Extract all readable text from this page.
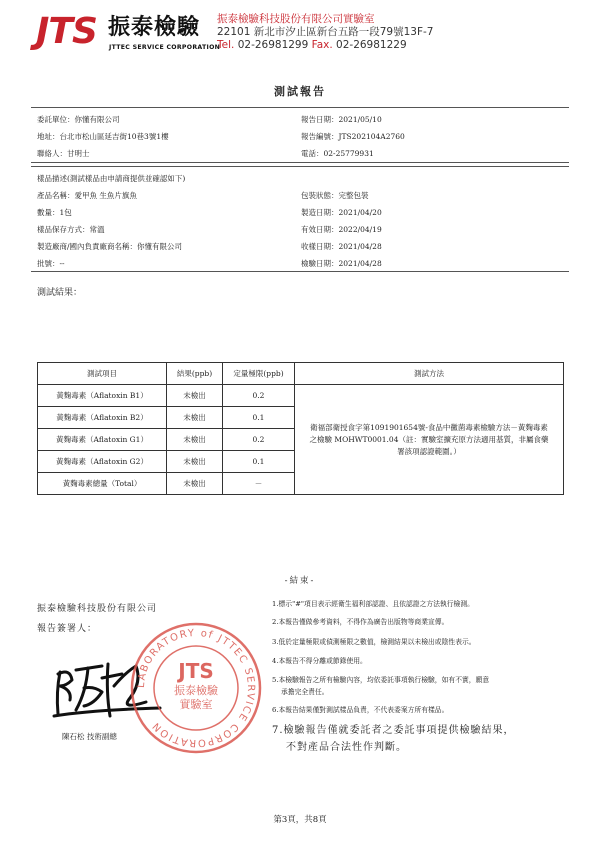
JTS 振泰檢驗
JTTEC SERVICE CORPORATION
振泰檢驗科技股份有限公司實驗室
22101 新北市汐止區新台五路一段79號13F-7
Tel. 02-26981299 Fax. 02-26981229
測試報告
委託單位：你懂有限公司	報告日期：2021/05/10
地址：台北市松山區延吉街10巷3號1樓	報告編號：JTS202104A2760
聯絡人：甘明士	電話：02-25779931
樣品描述(測試樣品由申請商提供並確認如下)
產品名稱：愛甲魚 生魚片旗魚	包裝狀態：完整包裝
數量：1包	製造日期：2021/04/20
樣品保存方式：常溫	有效日期：2022/04/19
製造廠商/國內負責廠商名稱：你懂有限公司	收樣日期：2021/04/28
批號：--	檢驗日期：2021/04/28
測試結果：
測試項目	結果(ppb)	定量極限(ppb)	測試方法
黃麴毒素（Aflatoxin B1）	未檢出	0.2	衛福部衛授食字第1091901654號-食品中黴菌毒素檢驗方法－黃麴毒素之檢驗 MOHWT0001.04（註：實驗室擴充原方法適用基質，非屬食藥署該項認證範圍。）
黃麴毒素（Aflatoxin B2）	未檢出	0.1	
黃麴毒素（Aflatoxin G1）	未檢出	0.2	
黃麴毒素（Aflatoxin G2）	未檢出	0.1	
黃麴毒素總量（Total）	未檢出	－	
-結束-
振泰檢驗科技股份有限公司
報告簽署人：
LABORATORY of JTTEC SERVICE CORPORATION
JTS
振泰檢驗
實驗室
陳石松 技術副總
1.標示"#"項目表示經衛生福利部認證、且依認證之方法執行檢測。
2.本報告僅做參考資料，不得作為廣告出版物等商業宣傳。
3.低於定量極限或偵測極限之數值，檢測結果以未檢出或陰性表示。
4.本報告不得分離或節錄使用。
5.本檢驗報告之所有檢驗內容，均依委託事項執行檢驗，如有不實，願意
承擔完全責任。
6.本報告結果僅對測試樣品負責，不代表委案方所有樣品。
7.檢驗報告僅就委託者之委託事項提供檢驗結果，
不對產品合法性作判斷。
第3頁，共8頁
